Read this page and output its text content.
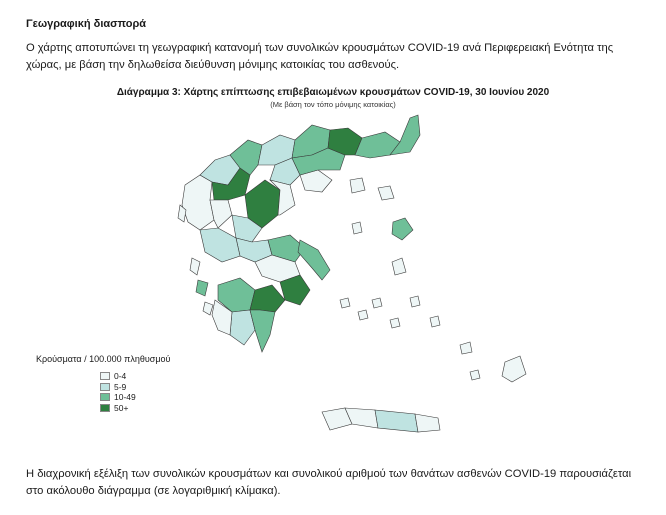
Γεωγραφική διασπορά
Ο χάρτης αποτυπώνει τη γεωγραφική κατανομή των συνολικών κρουσμάτων COVID-19 ανά Περιφερειακή Ενότητα της χώρας, με βάση την δηλωθείσα διεύθυνση μόνιμης κατοικίας του ασθενούς.
Διάγραμμα 3: Χάρτης επίπτωσης επιβεβαιωμένων κρουσμάτων COVID-19, 30 Ιουνίου 2020
(Με βάση τον τόπο μόνιμης κατοικίας)
Κρούσματα / 100.000 πληθυσμού
0-4
5-9
10-49
50+
Η διαχρονική εξέλιξη των συνολικών κρουσμάτων και συνολικού αριθμού των θανάτων ασθενών COVID-19 παρουσιάζεται στο ακόλουθο διάγραμμα (σε λογαριθμική κλίμακα).
